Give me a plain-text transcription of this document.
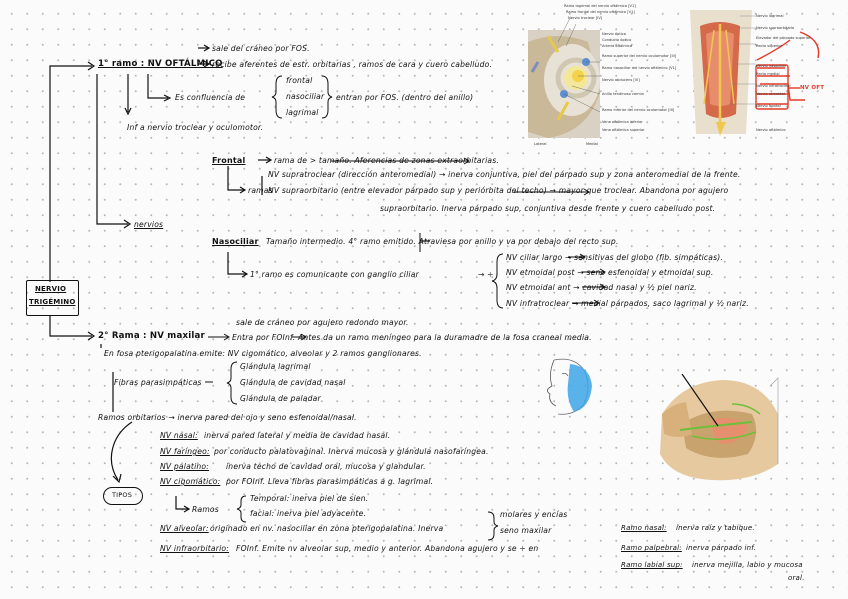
NERVIO
TRIGÉMINO
1° ramo : NV OFTÁLMICO
sale del cráneo por FOS.
recibe aferentes de estr. orbitarias , ramos de cara y cuero cabelludo.
Es confluencia de
frontal
nasociliar
lagrimal
entran por FOS. (dentro del anillo)
Inf a nervio troclear y oculomotor.
nervios
Frontal	rama de > tamaño. Aferencias de zonas extraorbitarias.
ramas
NV supratroclear (dirección anteromedial) → inerva conjuntiva, piel del párpado sup y zona anteromedial de la frente.
NV supraorbitario (entre elevador párpado sup y periórbita del techo) → mayor que troclear. Abandona por agujero
supraorbitario. Inerva párpado sup, conjuntiva desde frente y cuero cabelludo post.
Nasociliar Tamaño intermedio. 4° ramo emitido. Atraviesa por anillo y va por debajo del recto sup.
1° ramo es comunicante con ganglio ciliar	→ ÷
NV ciliar largo → sensitivas del globo (fib. simpáticas).
NV etmoidal post → seno esfenoidal y etmoidal sup.
NV etmoidal ant → cavidad nasal y ½ piel nariz.
NV infratroclear → medial párpados, saco lagrimal y ½ nariz.
2° Rama : NV maxilar
sale de cráneo por agujero redondo mayor.
Entra por FOInf. Antes da un ramo meníngeo para la duramadre de la fosa craneal media.
En fosa pterigopalatina emite: NV cigomático, alveolar y 2 ramos ganglionares.
Fibras parasimpáticas
Glándula lagrimal
Glándula de cavidad nasal
Glándula de paladar
Ramos orbitarios → inerva pared del ojo y seno esfenoidal/nasal.
TIPOS
NV nasal: inerva pared lateral y media de cavidad nasal.
NV faríngeo: por conducto palatovaginal. Inerva mucosa y glándula nasofaríngea.
NV palatino: inerva techo de cavidad oral, mucosa y glandular.
NV cigomático: por FOInf. Lleva fibras parasimpáticas a g. lagrimal.
Ramos
Temporal: inerva piel de sien.
facial: inerva piel adyacente.
NV alveolar: originado en nv. nasociliar en zona pterigopalatina. Inerva
molares y encías
seno maxilar
NV infraorbitario: FOInf. Emite nv alveolar sup, medio y anterior. Abandona agujero y se ÷ en
Ramo nasal: inerva raíz y tabique.
Ramo palpebral: inerva párpado inf.
Ramo labial sup: inerva mejilla, labio y mucosa
oral.
Ramo lagrimal del nervio oftálmico [V1]
Ramo frontal del nervio oftálmico [V1]
Nervio troclear [IV]
Nervio óptico
Conducto óptico
Arteria oftálmica
Ramo superior del nervio oculomotor [III]
Ramo nasociliar del nervio oftálmico [V1]
Nervio abducens [VI]
Anillo tendinoso común
Ramo inferior del nervio oculomotor [III]
Vena oftálmica inferior
Vena oftálmica superior
Lateral	Medial
Nervio lagrimal
Nervio supraorbitario
Elevador del párpado superior
Recto superior
Nervio nasociliar
Recto medial
Nervio infratroclear
Nervio etmoidal
Nervio frontal
Nervio oftálmico
NV OFT
